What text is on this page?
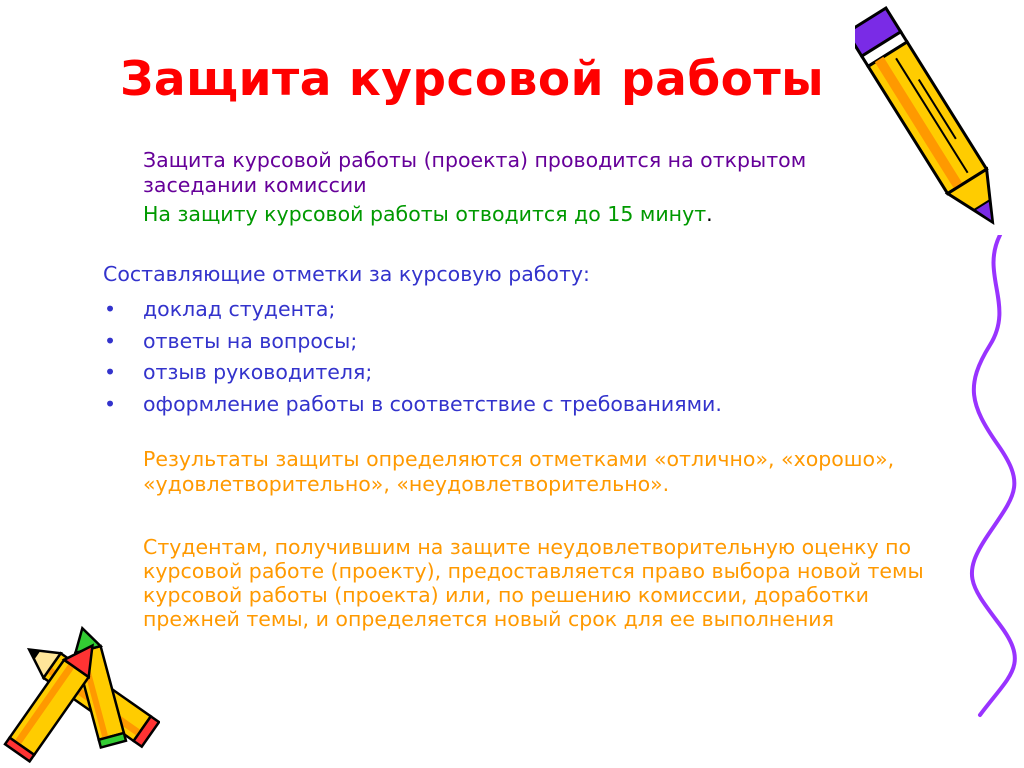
Защита курсовой работы

Защита курсовой работы (проекта) проводится на открытом заседании комиссии

На защиту курсовой работы отводится до 15 минут.

Составляющие отметки за курсовую работу:

• доклад студента;
• ответы на вопросы;
• отзыв руководителя;
• оформление работы в соответствие с требованиями.

Результаты защиты определяются отметками «отлично», «хорошо», «удовлетворительно», «неудовлетворительно».

Студентам, получившим на защите неудовлетворительную оценку по курсовой работе (проекту), предоставляется право выбора новой темы курсовой работы (проекта) или, по решению комиссии, доработки прежней темы, и определяется новый срок для ее выполнения
